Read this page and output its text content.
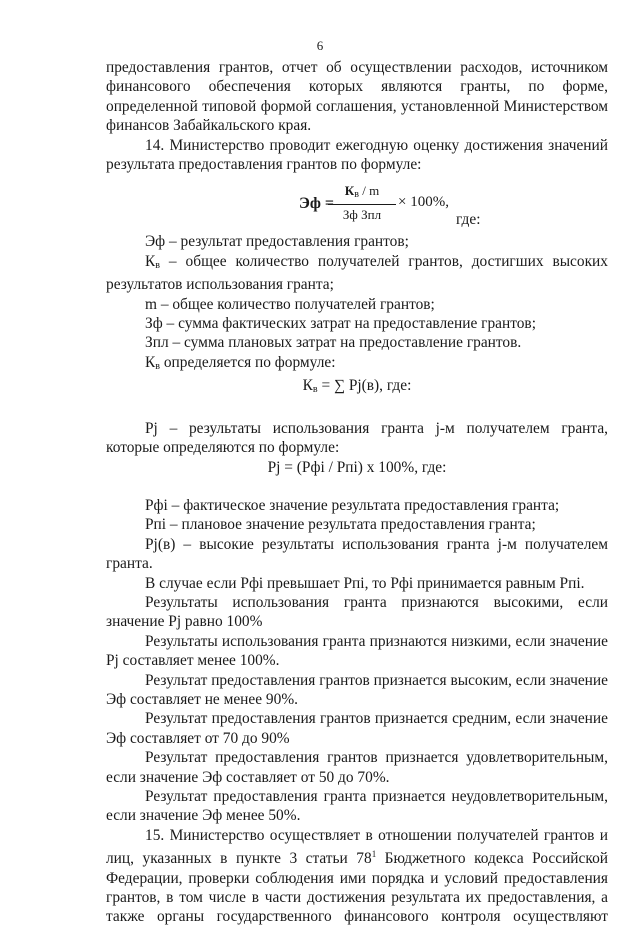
6

предоставления грантов, отчет об осуществлении расходов, источником финансового обеспечения которых являются гранты, по форме, определенной типовой формой соглашения, установленной Министерством финансов Забайкальского края.

14. Министерство проводит ежегодную оценку достижения значений результата предоставления грантов по формуле:

Эф =
$К_в$ / m
Зф Зпл
× 100%,
где:

Эф – результат предоставления грантов;

$К_в$ – общее количество получателей грантов, достигших высоких результатов использования гранта;

m – общее количество получателей грантов;

Зф – сумма фактических затрат на предоставление грантов;

Зпл – сумма плановых затрат на предоставление грантов.

$К_в$ определяется по формуле:

$К_в$ = ∑ Pj(в), где:

Pj – результаты использования гранта j-м получателем гранта, которые определяются по формуле:

Pj = (Рфi / Рпi) х 100%, где:

Рфi – фактическое значение результата предоставления гранта;

Рпi – плановое значение результата предоставления гранта;

Pj(в) – высокие результаты использования гранта j-м получателем гранта.

В случае если Рфi превышает Рпi, то Рфi принимается равным Рпi.

Результаты использования гранта признаются высокими, если значение Pj равно 100%

Результаты использования гранта признаются низкими, если значение Pj составляет менее 100%.

Результат предоставления грантов признается высоким, если значение Эф составляет не менее 90%.

Результат предоставления грантов признается средним, если значение Эф составляет от 70 до 90%

Результат предоставления грантов признается удовлетворительным, если значение Эф составляет от 50 до 70%.

Результат предоставления гранта признается неудовлетворительным, если значение Эф менее 50%.

15. Министерство осуществляет в отношении получателей грантов и лиц, указанных в пункте 3 статьи $78^1$ Бюджетного кодекса Российской Федерации, проверки соблюдения ими порядка и условий предоставления грантов, в том числе в части достижения результата их предоставления, а также органы государственного финансового контроля осуществляют
